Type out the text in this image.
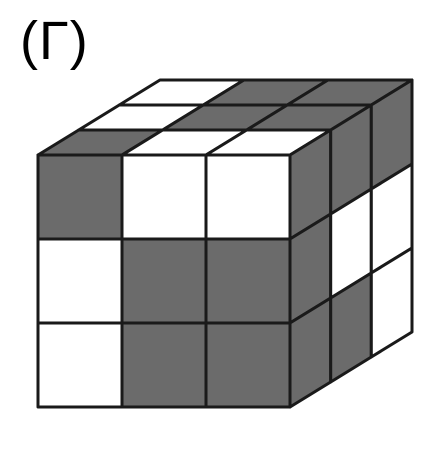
(Γ)
